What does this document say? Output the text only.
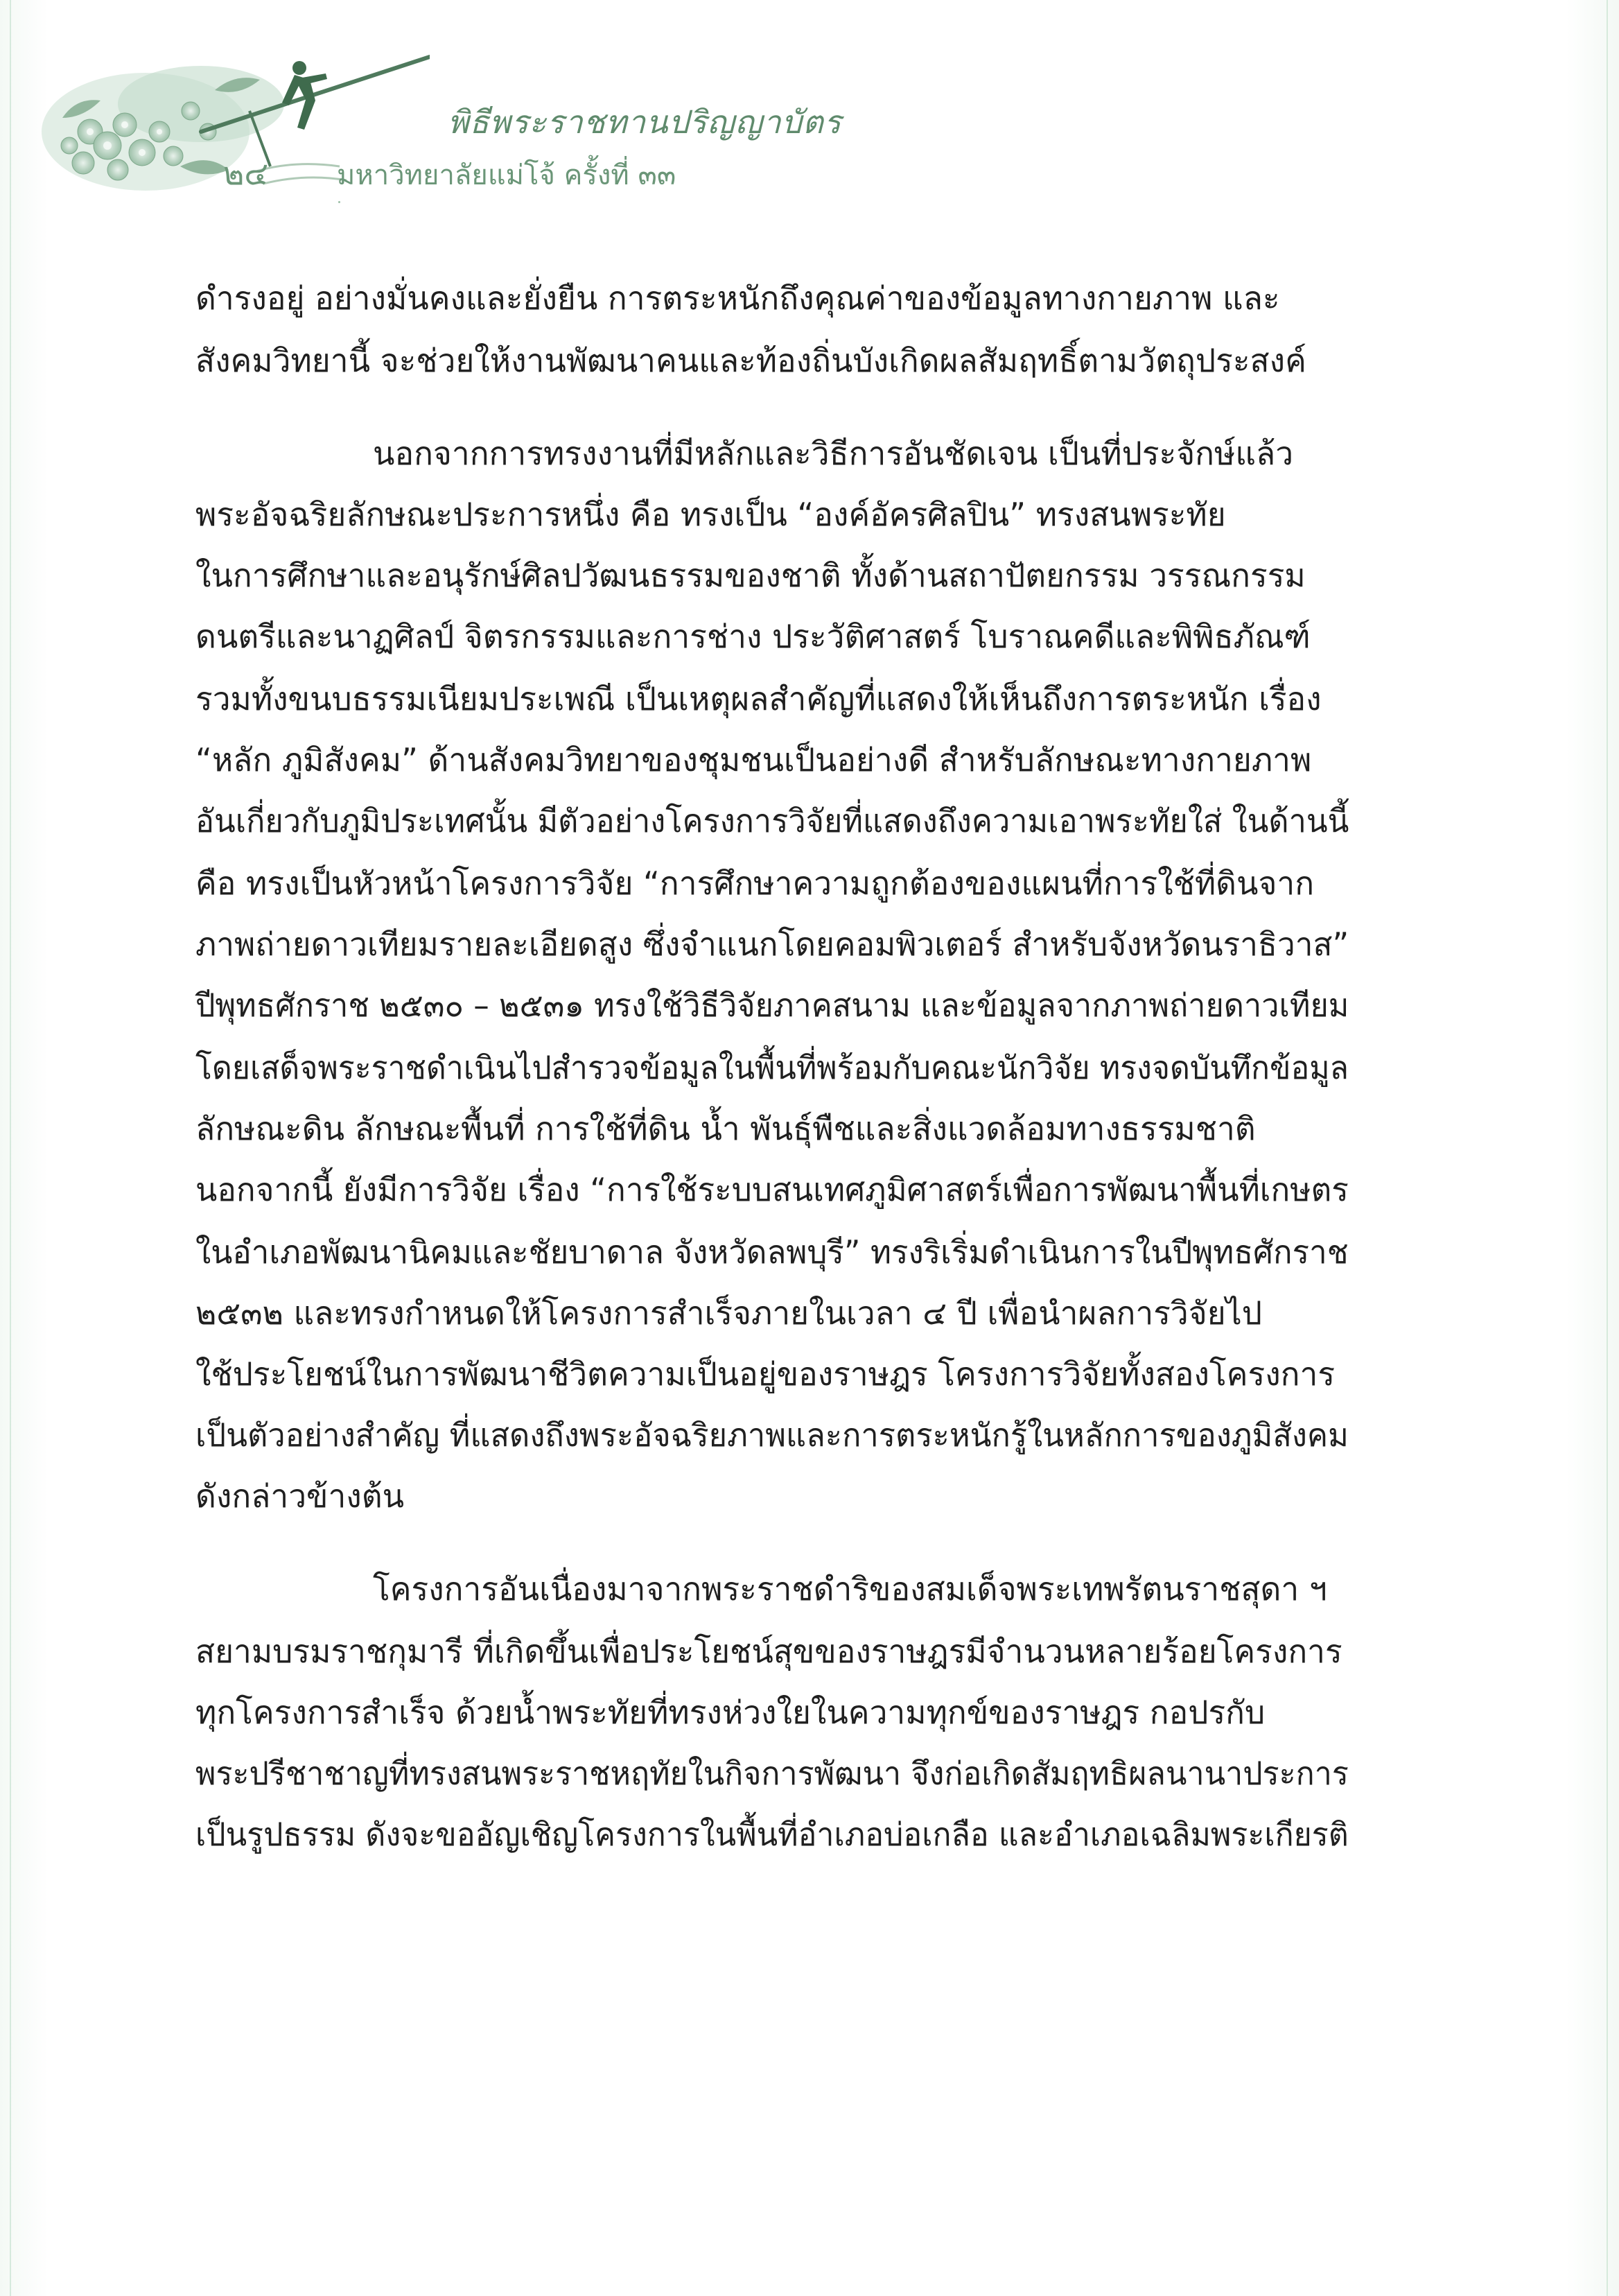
พิธีพระราชทานปริญญาบัตร
๒๔ มหาวิทยาลัยแม่โจ้ ครั้งที่ ๓๓
ดำรงอยู่ อย่างมั่นคงและยั่งยืน การตระหนักถึงคุณค่าของข้อมูลทางกายภาพ และ
สังคมวิทยานี้ จะช่วยให้งานพัฒนาคนและท้องถิ่นบังเกิดผลสัมฤทธิ์ตามวัตถุประสงค์
นอกจากการทรงงานที่มีหลักและวิธีการอันชัดเจน เป็นที่ประจักษ์แล้ว
พระอัจฉริยลักษณะประการหนึ่ง คือ ทรงเป็น “องค์อัครศิลปิน” ทรงสนพระทัย
ในการศึกษาและอนุรักษ์ศิลปวัฒนธรรมของชาติ ทั้งด้านสถาปัตยกรรม วรรณกรรม
ดนตรีและนาฏศิลป์ จิตรกรรมและการช่าง ประวัติศาสตร์ โบราณคดีและพิพิธภัณฑ์
รวมทั้งขนบธรรมเนียมประเพณี เป็นเหตุผลสำคัญที่แสดงให้เห็นถึงการตระหนัก เรื่อง
“หลัก ภูมิสังคม” ด้านสังคมวิทยาของชุมชนเป็นอย่างดี สำหรับลักษณะทางกายภาพ
อันเกี่ยวกับภูมิประเทศนั้น มีตัวอย่างโครงการวิจัยที่แสดงถึงความเอาพระทัยใส่ ในด้านนี้
คือ ทรงเป็นหัวหน้าโครงการวิจัย “การศึกษาความถูกต้องของแผนที่การใช้ที่ดินจาก
ภาพถ่ายดาวเทียมรายละเอียดสูง ซึ่งจำแนกโดยคอมพิวเตอร์ สำหรับจังหวัดนราธิวาส”
ปีพุทธศักราช ๒๕๓๐ – ๒๕๓๑ ทรงใช้วิธีวิจัยภาคสนาม และข้อมูลจากภาพถ่ายดาวเทียม
โดยเสด็จพระราชดำเนินไปสำรวจข้อมูลในพื้นที่พร้อมกับคณะนักวิจัย ทรงจดบันทึกข้อมูล
ลักษณะดิน ลักษณะพื้นที่ การใช้ที่ดิน น้ำ พันธุ์พืชและสิ่งแวดล้อมทางธรรมชาติ
นอกจากนี้ ยังมีการวิจัย เรื่อง “การใช้ระบบสนเทศภูมิศาสตร์เพื่อการพัฒนาพื้นที่เกษตร
ในอำเภอพัฒนานิคมและชัยบาดาล จังหวัดลพบุรี” ทรงริเริ่มดำเนินการในปีพุทธศักราช
๒๕๓๒ และทรงกำหนดให้โครงการสำเร็จภายในเวลา ๔ ปี เพื่อนำผลการวิจัยไป
ใช้ประโยชน์ในการพัฒนาชีวิตความเป็นอยู่ของราษฎร โครงการวิจัยทั้งสองโครงการ
เป็นตัวอย่างสำคัญ ที่แสดงถึงพระอัจฉริยภาพและการตระหนักรู้ในหลักการของภูมิสังคม
ดังกล่าวข้างต้น
โครงการอันเนื่องมาจากพระราชดำริของสมเด็จพระเทพรัตนราชสุดา ฯ
สยามบรมราชกุมารี ที่เกิดขึ้นเพื่อประโยชน์สุขของราษฎรมีจำนวนหลายร้อยโครงการ
ทุกโครงการสำเร็จ ด้วยน้ำพระทัยที่ทรงห่วงใยในความทุกข์ของราษฎร กอปรกับ
พระปรีชาชาญที่ทรงสนพระราชหฤทัยในกิจการพัฒนา จึงก่อเกิดสัมฤทธิผลนานาประการ
เป็นรูปธรรม ดังจะขออัญเชิญโครงการในพื้นที่อำเภอบ่อเกลือ และอำเภอเฉลิมพระเกียรติ
